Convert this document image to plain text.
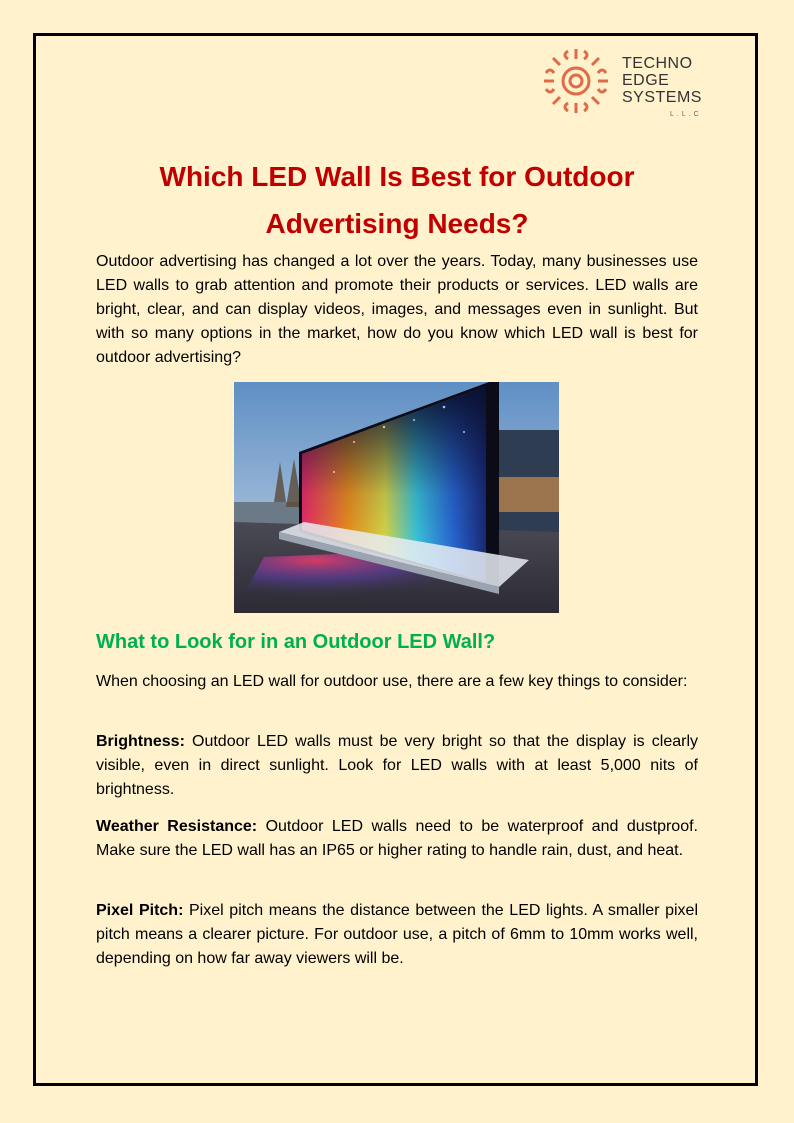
TECHNO
EDGE
SYSTEMS
L.L.C
Which LED Wall Is Best for Outdoor Advertising Needs?

Outdoor advertising has changed a lot over the years. Today, many businesses use LED walls to grab attention and promote their products or services. LED walls are bright, clear, and can display videos, images, and messages even in sunlight. But with so many options in the market, how do you know which LED wall is best for outdoor advertising?

What to Look for in an Outdoor LED Wall?

When choosing an LED wall for outdoor use, there are a few key things to consider:

Brightness: Outdoor LED walls must be very bright so that the display is clearly visible, even in direct sunlight. Look for LED walls with at least 5,000 nits of brightness.

Weather Resistance: Outdoor LED walls need to be waterproof and dustproof. Make sure the LED wall has an IP65 or higher rating to handle rain, dust, and heat.

Pixel Pitch: Pixel pitch means the distance between the LED lights. A smaller pixel pitch means a clearer picture. For outdoor use, a pitch of 6mm to 10mm works well, depending on how far away viewers will be.
